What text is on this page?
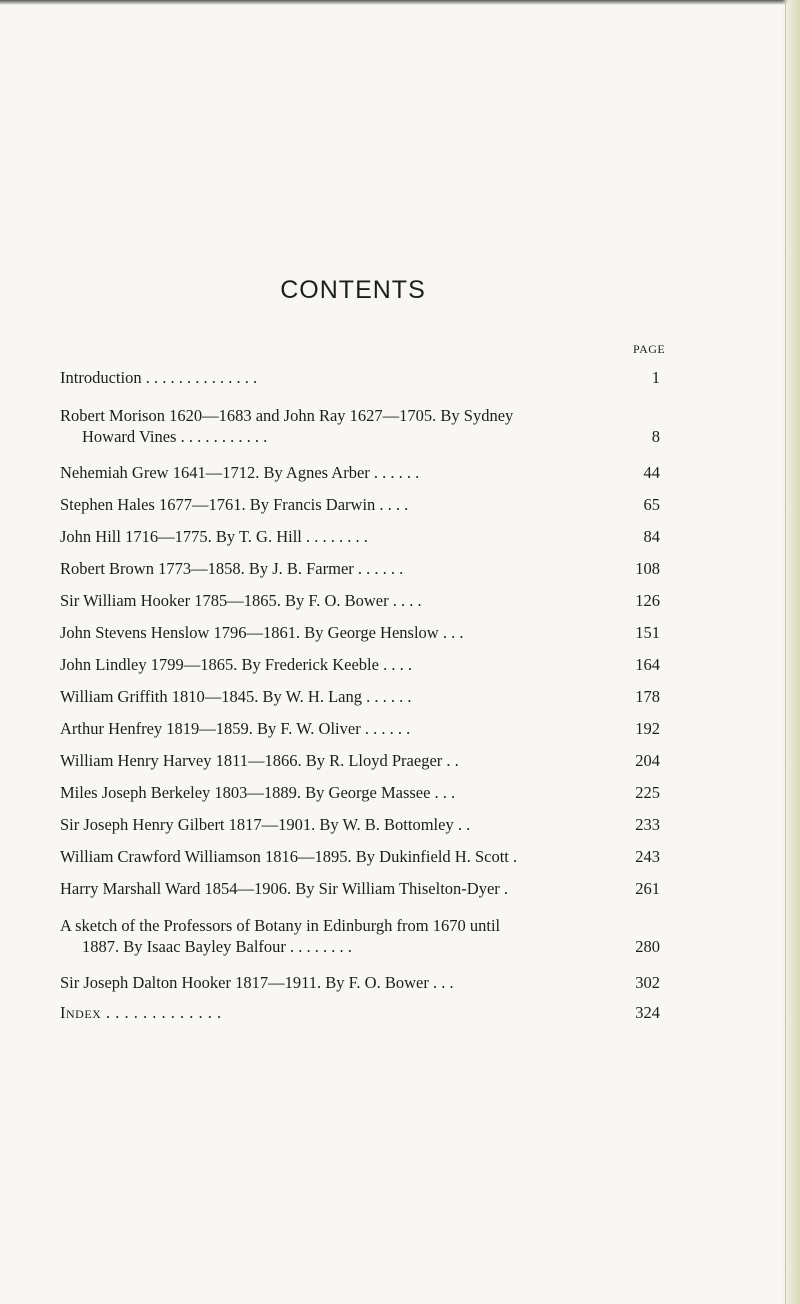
CONTENTS
PAGE
Introduction . . . . . . . . . . . . . .	1
Robert Morison 1620—1683 and John Ray 1627—1705. By Sydney
Howard Vines . . . . . . . . . . .	8
Nehemiah Grew 1641—1712. By Agnes Arber . . . . . .	44
Stephen Hales 1677—1761. By Francis Darwin . . . .	65
John Hill 1716—1775. By T. G. Hill . . . . . . . .	84
Robert Brown 1773—1858. By J. B. Farmer . . . . . .	108
Sir William Hooker 1785—1865. By F. O. Bower . . . .	126
John Stevens Henslow 1796—1861. By George Henslow . . .	151
John Lindley 1799—1865. By Frederick Keeble . . . .	164
William Griffith 1810—1845. By W. H. Lang . . . . . .	178
Arthur Henfrey 1819—1859. By F. W. Oliver . . . . . .	192
William Henry Harvey 1811—1866. By R. Lloyd Praeger . .	204
Miles Joseph Berkeley 1803—1889. By George Massee . . .	225
Sir Joseph Henry Gilbert 1817—1901. By W. B. Bottomley . .	233
William Crawford Williamson 1816—1895. By Dukinfield H. Scott .	243
Harry Marshall Ward 1854—1906. By Sir William Thiselton-Dyer .	261
A sketch of the Professors of Botany in Edinburgh from 1670 until
1887. By Isaac Bayley Balfour . . . . . . . .	280
Sir Joseph Dalton Hooker 1817—1911. By F. O. Bower . . .	302
Index . . . . . . . . . . . . .	324
